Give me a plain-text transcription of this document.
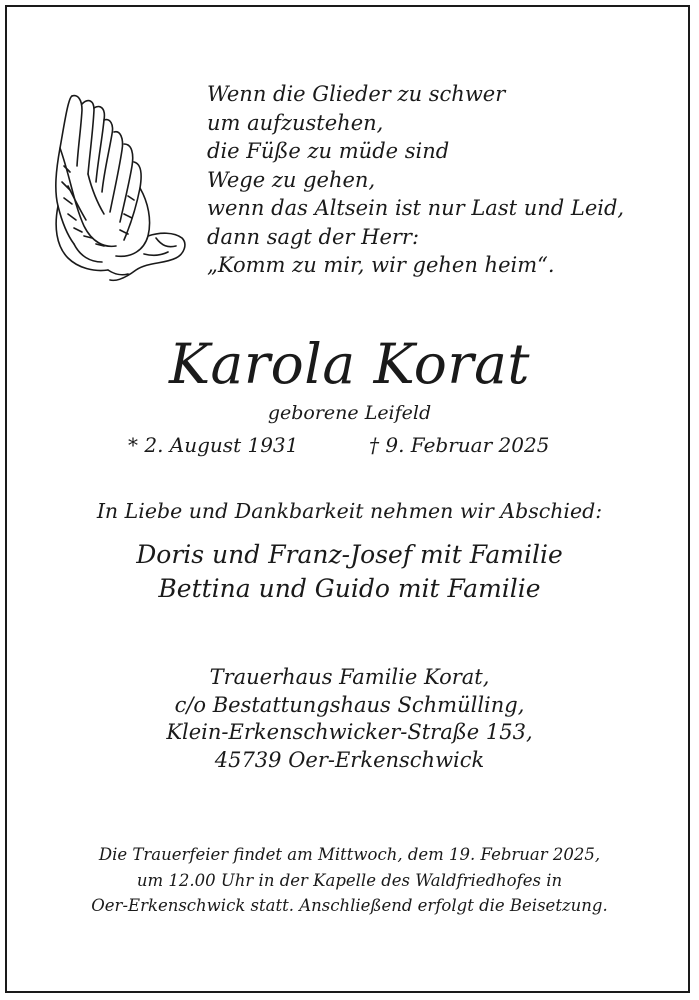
Wenn die Glieder zu schwer
um aufzustehen,
die Füße zu müde sind
Wege zu gehen,
wenn das Altsein ist nur Last und Leid,
dann sagt der Herr:
„Komm zu mir, wir gehen heim“.
Karola Korat
geborene Leifeld
* 2. August 1931	† 9. Februar 2025
In Liebe und Dankbarkeit nehmen wir Abschied:
Doris und Franz-Josef mit Familie
Bettina und Guido mit Familie
Trauerhaus Familie Korat,
c/o Bestattungshaus Schmülling,
Klein-Erkenschwicker-Straße 153,
45739 Oer-Erkenschwick
Die Trauerfeier findet am Mittwoch, dem 19. Februar 2025,
um 12.00 Uhr in der Kapelle des Waldfriedhofes in
Oer-Erkenschwick statt. Anschließend erfolgt die Beisetzung.
